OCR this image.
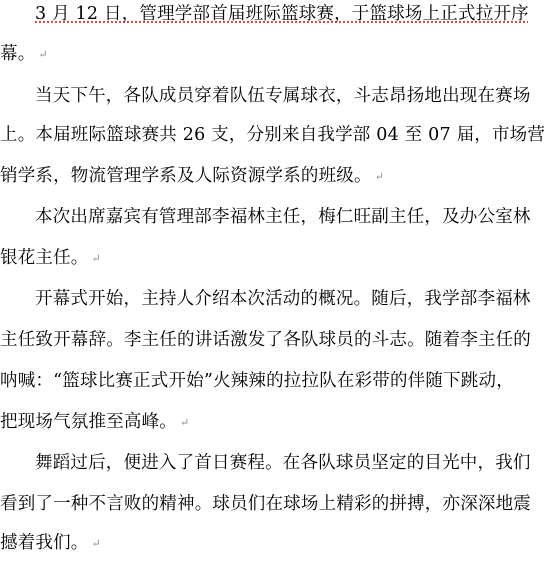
3 月 12 日，管理学部首届班际篮球赛，于篮球场上正式拉开序
幕。 ↵
当天下午，各队成员穿着队伍专属球衣，斗志昂扬地出现在赛场
上。本届班际篮球赛共 26 支，分别来自我学部 04 至 07 届，市场营
销学系，物流管理学系及人际资源学系的班级。 ↵
本次出席嘉宾有管理部李福林主任，梅仁旺副主任，及办公室林
银花主任。 ↵
开幕式开始，主持人介绍本次活动的概况。随后，我学部李福林
主任致开幕辞。李主任的讲话激发了各队球员的斗志。随着李主任的
呐喊：“篮球比赛正式开始”火辣辣的拉拉队在彩带的伴随下跳动，
把现场气氛推至高峰。 ↵
舞蹈过后，便进入了首日赛程。在各队球员坚定的目光中，我们
看到了一种不言败的精神。球员们在球场上精彩的拼搏，亦深深地震
撼着我们。 ↵
